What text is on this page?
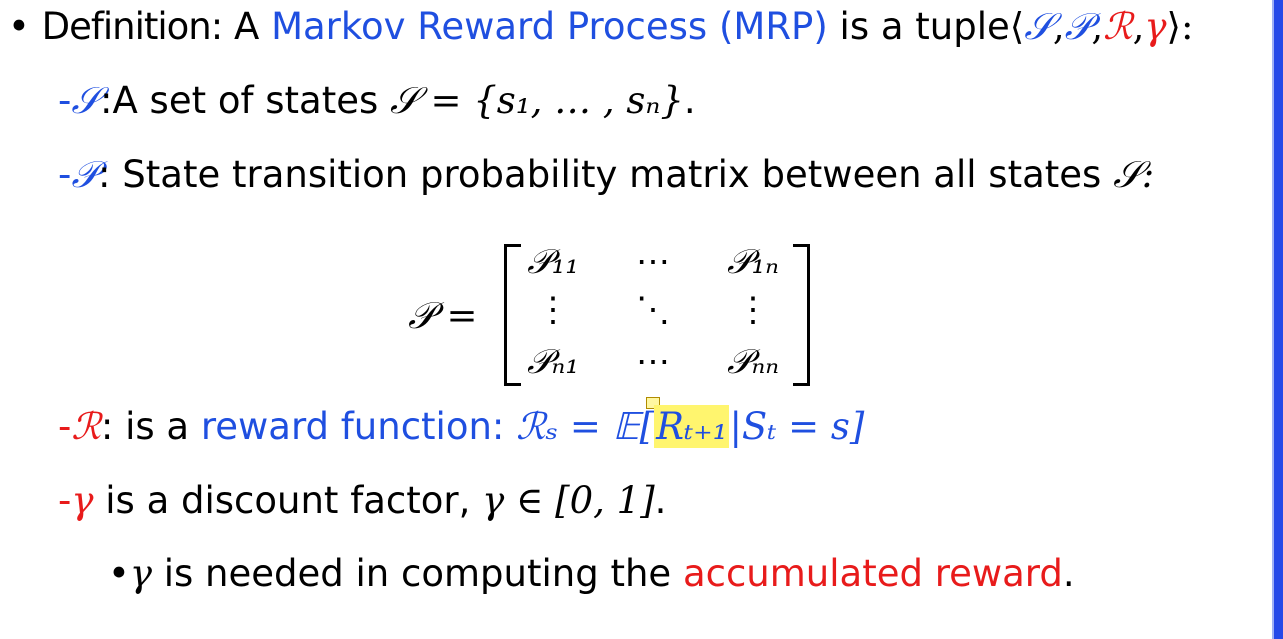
• Definition: A Markov Reward Process (MRP) is a tuple⟨𝒮,𝒫,ℛ,γ⟩:
-𝒮:A set of states 𝒮 = {s₁, … , sₙ}.
-𝒫: State transition probability matrix between all states 𝒮:
𝒫 =
𝒫₁₁	⋯	𝒫₁ₙ
⋮	⋱	⋮
𝒫ₙ₁	⋯	𝒫ₙₙ
-ℛ: is a reward function: ℛₛ = 𝔼[Rₜ₊₁|Sₜ = s]
-γ is a discount factor, γ ∈ [0, 1].
•γ is needed in computing the accumulated reward.
